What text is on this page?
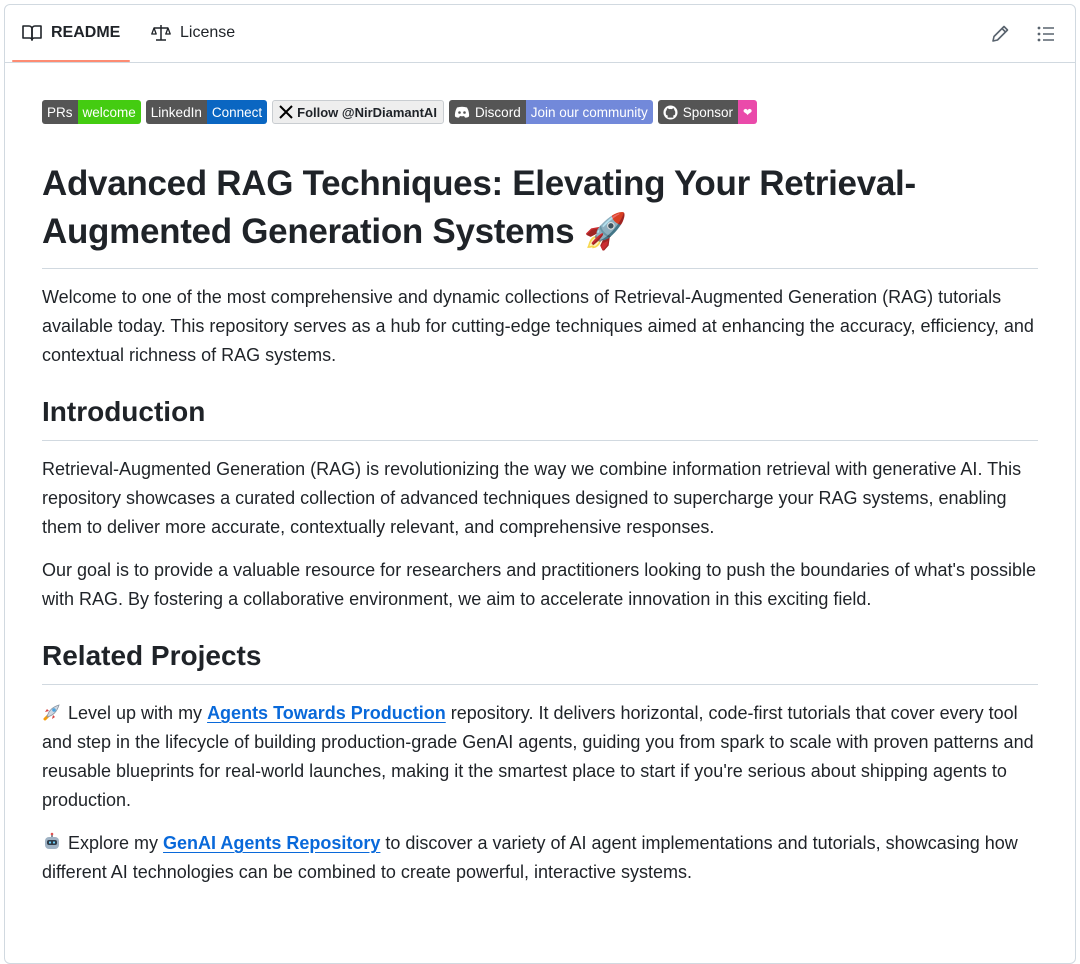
README	License
PRs welcome	LinkedIn Connect	Follow @NirDiamantAI	Discord Join our community	Sponsor ❤
Advanced RAG Techniques: Elevating Your Retrieval-Augmented Generation Systems 🚀

Welcome to one of the most comprehensive and dynamic collections of Retrieval-Augmented Generation (RAG) tutorials available today. This repository serves as a hub for cutting-edge techniques aimed at enhancing the accuracy, efficiency, and contextual richness of RAG systems.

Introduction

Retrieval-Augmented Generation (RAG) is revolutionizing the way we combine information retrieval with generative AI. This repository showcases a curated collection of advanced techniques designed to supercharge your RAG systems, enabling them to deliver more accurate, contextually relevant, and comprehensive responses.

Our goal is to provide a valuable resource for researchers and practitioners looking to push the boundaries of what's possible with RAG. By fostering a collaborative environment, we aim to accelerate innovation in this exciting field.

Related Projects

Level up with my Agents Towards Production repository. It delivers horizontal, code-first tutorials that cover every tool and step in the lifecycle of building production-grade GenAI agents, guiding you from spark to scale with proven patterns and reusable blueprints for real-world launches, making it the smartest place to start if you're serious about shipping agents to production.

Explore my GenAI Agents Repository to discover a variety of AI agent implementations and tutorials, showcasing how different AI technologies can be combined to create powerful, interactive systems.
